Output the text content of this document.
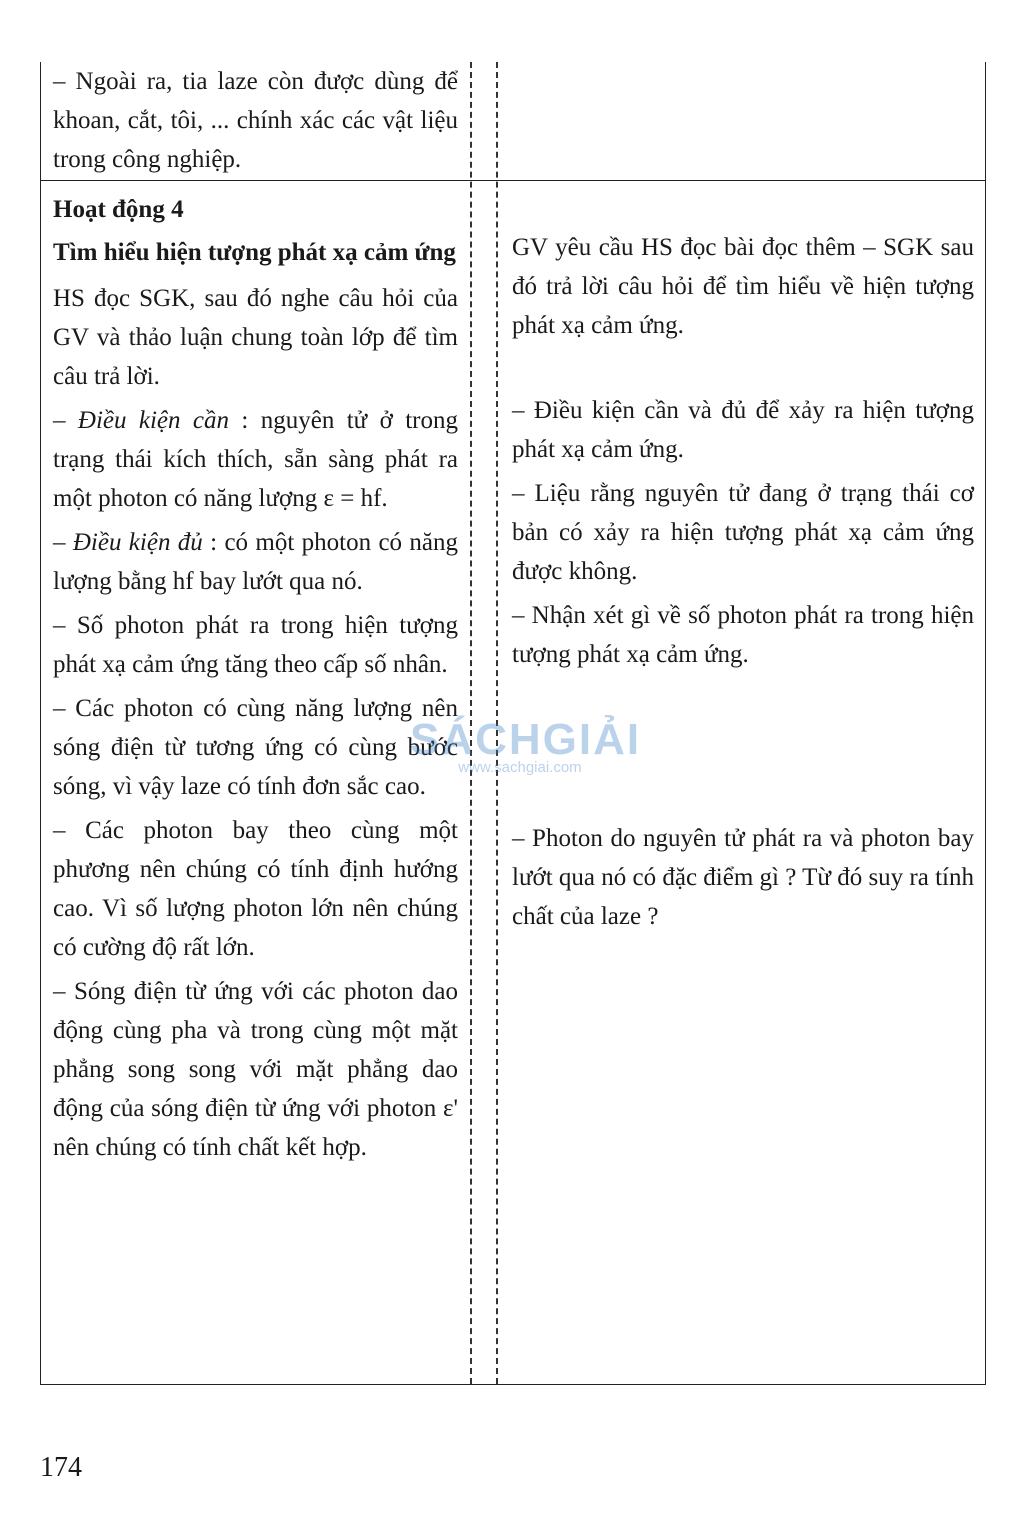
– Ngoài ra, tia laze còn được dùng để khoan, cắt, tôi, ... chính xác các vật liệu trong công nghiệp.

Hoạt động 4

Tìm hiểu hiện tượng phát xạ cảm ứng

HS đọc SGK, sau đó nghe câu hỏi của GV và thảo luận chung toàn lớp để tìm câu trả lời.

– Điều kiện cần : nguyên tử ở trong trạng thái kích thích, sẵn sàng phát ra một photon có năng lượng ε = hf.

– Điều kiện đủ : có một photon có năng lượng bằng hf bay lướt qua nó.

– Số photon phát ra trong hiện tượng phát xạ cảm ứng tăng theo cấp số nhân.

– Các photon có cùng năng lượng nên sóng điện từ tương ứng có cùng bước sóng, vì vậy laze có tính đơn sắc cao.

– Các photon bay theo cùng một phương nên chúng có tính định hướng cao. Vì số lượng photon lớn nên chúng có cường độ rất lớn.

– Sóng điện từ ứng với các photon dao động cùng pha và trong cùng một mặt phẳng song song với mặt phẳng dao động của sóng điện từ ứng với photon ε' nên chúng có tính chất kết hợp.

GV yêu cầu HS đọc bài đọc thêm – SGK sau đó trả lời câu hỏi để tìm hiểu về hiện tượng phát xạ cảm ứng.

– Điều kiện cần và đủ để xảy ra hiện tượng phát xạ cảm ứng.

– Liệu rằng nguyên tử đang ở trạng thái cơ bản có xảy ra hiện tượng phát xạ cảm ứng được không.

– Nhận xét gì về số photon phát ra trong hiện tượng phát xạ cảm ứng.

– Photon do nguyên tử phát ra và photon bay lướt qua nó có đặc điểm gì ? Từ đó suy ra tính chất của laze ?

SÁCHGIẢI
www.sachgiai.com
174
